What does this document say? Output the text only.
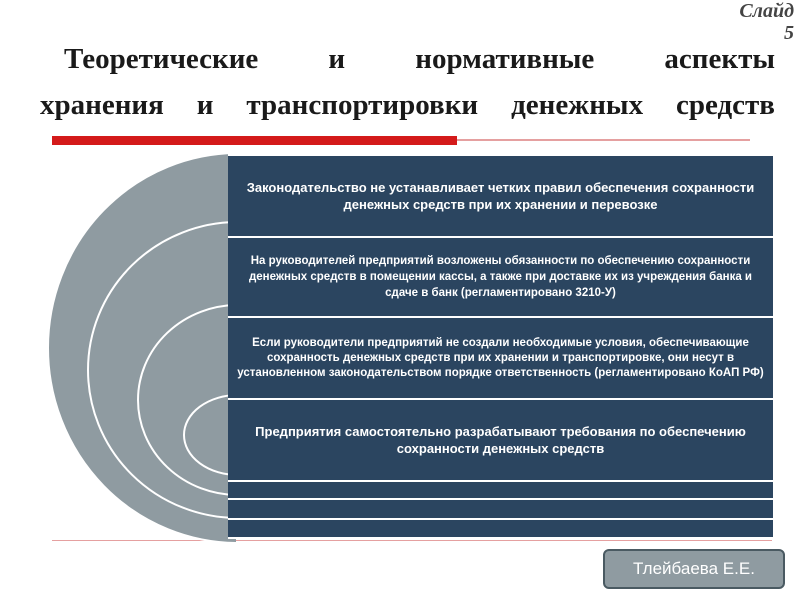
Слайд
5
Теоретические и нормативные аспекты
хранения и транспортировки денежных средств
Законодательство не устанавливает четких правил обеспечения сохранности денежных средств при их хранении и перевозке
На руководителей предприятий возложены обязанности по обеспечению сохранности денежных средств в помещении кассы, а также при доставке их из учреждения банка и сдаче в банк (регламентировано 3210-У)
Если руководители предприятий не создали необходимые условия, обеспечивающие сохранность денежных средств при их хранении и транспортировке, они несут в установленном законодательством порядке ответственность (регламентировано КоАП РФ)
Предприятия самостоятельно разрабатывают требования по обеспечению сохранности денежных средств
Тлейбаева Е.Е.
